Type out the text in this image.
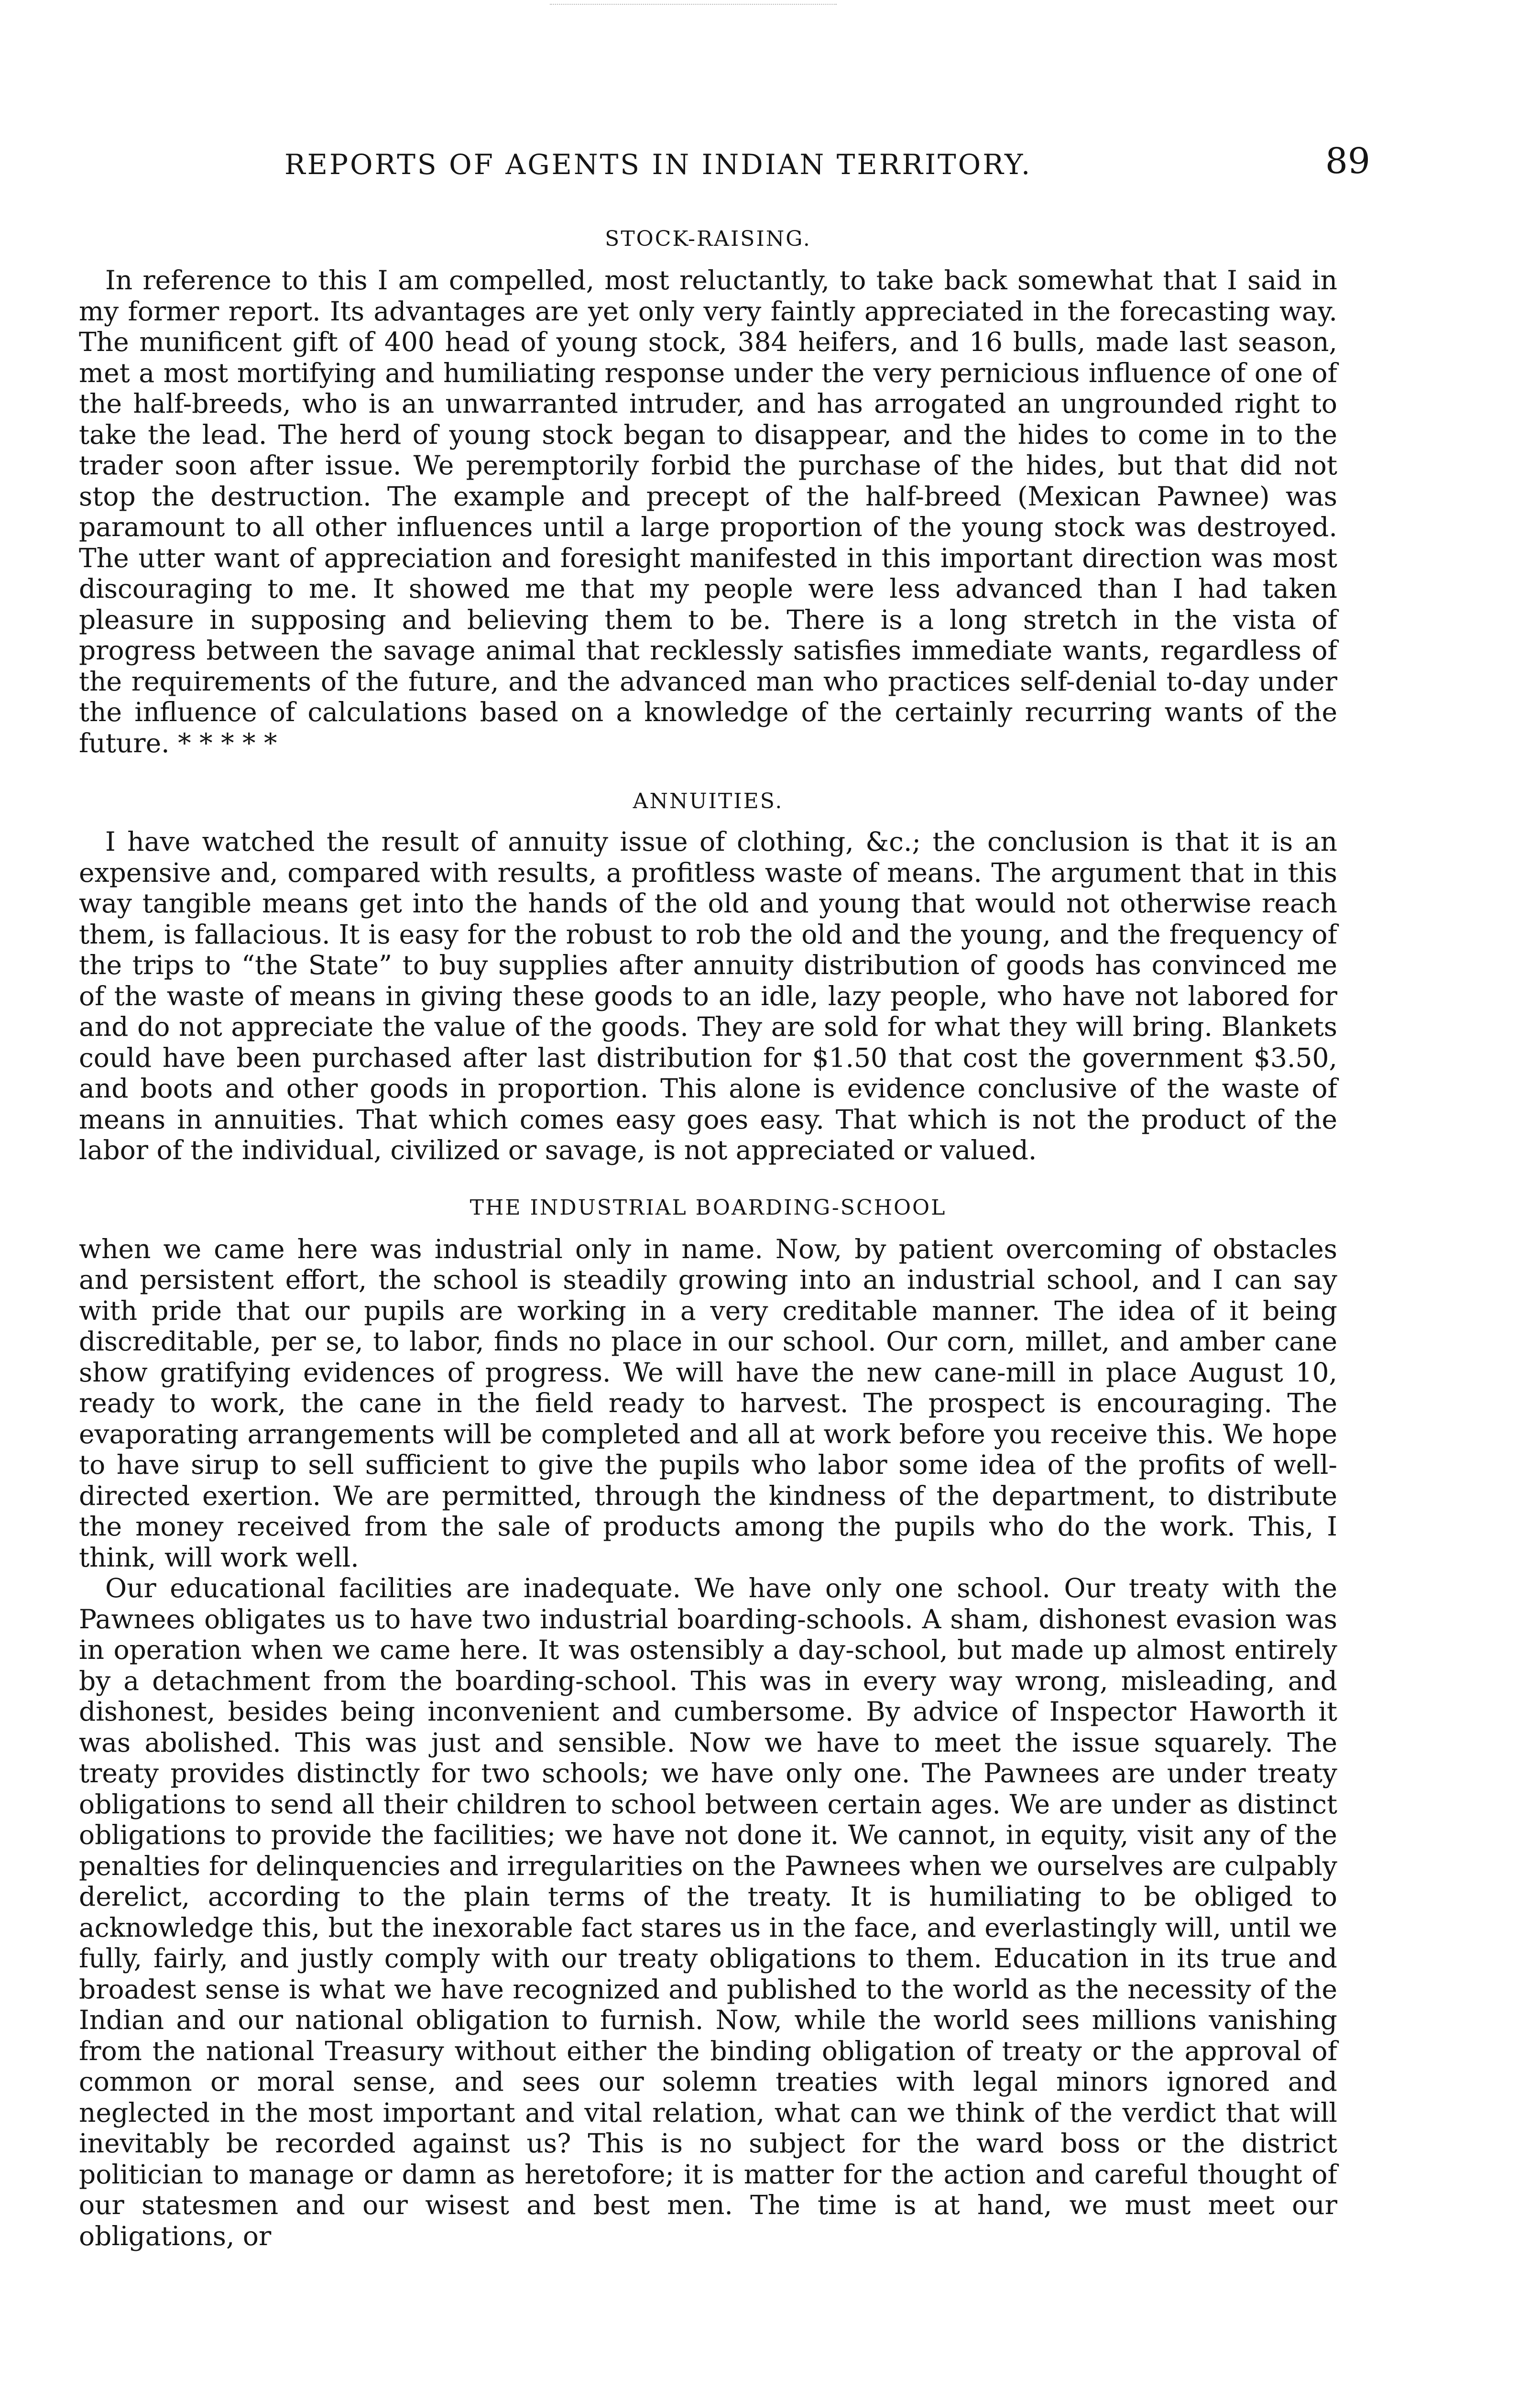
REPORTS OF AGENTS IN INDIAN TERRITORY.	89
STOCK-RAISING.

In reference to this I am compelled, most reluctantly, to take back somewhat that I said in my former report. Its advantages are yet only very faintly appreciated in the forecasting way. The munificent gift of 400 head of young stock, 384 heifers, and 16 bulls, made last season, met a most mortifying and humiliating response under the very pernicious influence of one of the half-breeds, who is an unwarranted intruder, and has arrogated an ungrounded right to take the lead. The herd of young stock began to disappear, and the hides to come in to the trader soon after issue. We peremptorily forbid the purchase of the hides, but that did not stop the destruction. The example and precept of the half-breed (Mexican Pawnee) was paramount to all other influences until a large proportion of the young stock was destroyed. The utter want of appreciation and foresight manifested in this important direction was most discouraging to me. It showed me that my people were less advanced than I had taken pleasure in supposing and believing them to be. There is a long stretch in the vista of progress between the savage animal that recklessly satisfies immediate wants, regardless of the requirements of the future, and the advanced man who practices self-denial to-day under the influence of calculations based on a knowledge of the certainly recurring wants of the future. * * * * *

ANNUITIES.

I have watched the result of annuity issue of clothing, &c.; the conclusion is that it is an expensive and, compared with results, a profitless waste of means. The argument that in this way tangible means get into the hands of the old and young that would not otherwise reach them, is fallacious. It is easy for the robust to rob the old and the young, and the frequency of the trips to “the State” to buy supplies after annuity distribution of goods has convinced me of the waste of means in giving these goods to an idle, lazy people, who have not labored for and do not appreciate the value of the goods. They are sold for what they will bring. Blankets could have been purchased after last distribution for $1.50 that cost the government $3.50, and boots and other goods in proportion. This alone is evidence conclusive of the waste of means in annuities. That which comes easy goes easy. That which is not the product of the labor of the individual, civilized or savage, is not appreciated or valued.

THE INDUSTRIAL BOARDING-SCHOOL

when we came here was industrial only in name. Now, by patient overcoming of obstacles and persistent effort, the school is steadily growing into an industrial school, and I can say with pride that our pupils are working in a very creditable manner. The idea of it being discreditable, per se, to labor, finds no place in our school. Our corn, millet, and amber cane show gratifying evidences of progress. We will have the new cane-mill in place August 10, ready to work, the cane in the field ready to harvest. The prospect is encouraging. The evaporating arrangements will be completed and all at work before you receive this. We hope to have sirup to sell sufficient to give the pupils who labor some idea of the profits of well-directed exertion. We are permitted, through the kindness of the department, to distribute the money received from the sale of products among the pupils who do the work. This, I think, will work well.

Our educational facilities are inadequate. We have only one school. Our treaty with the Pawnees obligates us to have two industrial boarding-schools. A sham, dishonest evasion was in operation when we came here. It was ostensibly a day-school, but made up almost entirely by a detachment from the boarding-school. This was in every way wrong, misleading, and dishonest, besides being inconvenient and cumbersome. By advice of Inspector Haworth it was abolished. This was just and sensible. Now we have to meet the issue squarely. The treaty provides distinctly for two schools; we have only one. The Pawnees are under treaty obligations to send all their children to school between certain ages. We are under as distinct obligations to provide the facilities; we have not done it. We cannot, in equity, visit any of the penalties for delinquencies and irregularities on the Pawnees when we ourselves are culpably derelict, according to the plain terms of the treaty. It is humiliating to be obliged to acknowledge this, but the inexorable fact stares us in the face, and everlastingly will, until we fully, fairly, and justly comply with our treaty obligations to them. Education in its true and broadest sense is what we have recognized and published to the world as the necessity of the Indian and our national obligation to furnish. Now, while the world sees millions vanishing from the national Treasury without either the binding obligation of treaty or the approval of common or moral sense, and sees our solemn treaties with legal minors ignored and neglected in the most important and vital relation, what can we think of the verdict that will inevitably be recorded against us? This is no subject for the ward boss or the district politician to manage or damn as heretofore; it is matter for the action and careful thought of our statesmen and our wisest and best men. The time is at hand, we must meet our obligations, or
